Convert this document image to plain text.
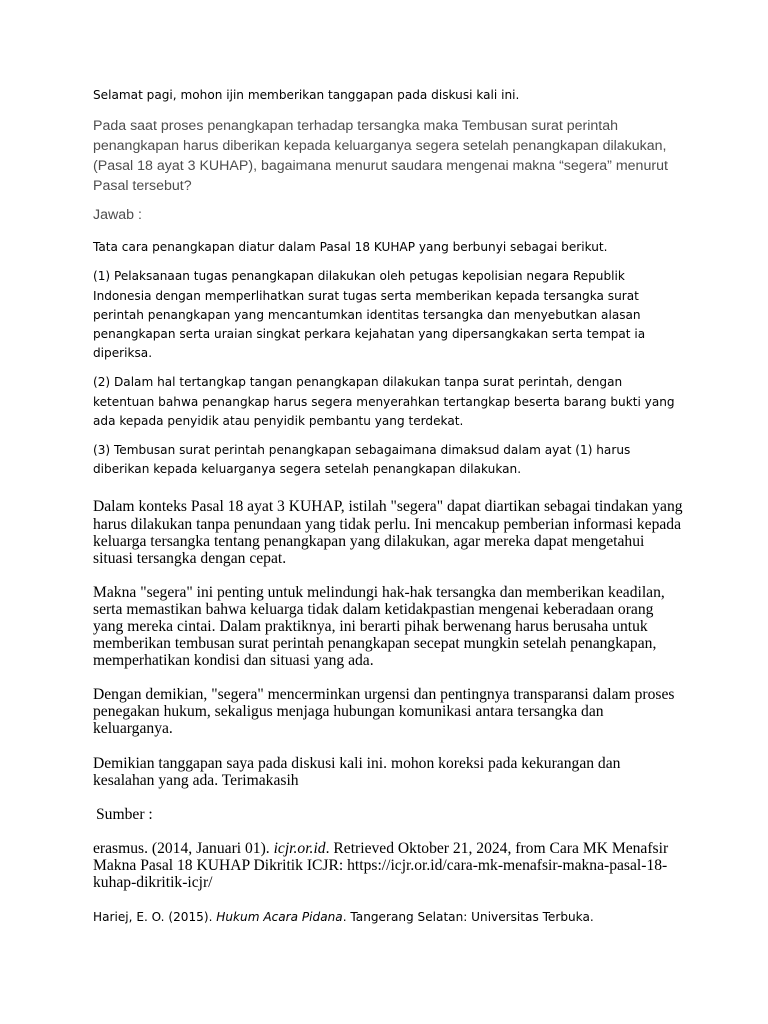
Selamat pagi, mohon ijin memberikan tanggapan pada diskusi kali ini.

Pada saat proses penangkapan terhadap tersangka maka Tembusan surat perintah penangkapan harus diberikan kepada keluarganya segera setelah penangkapan dilakukan, (Pasal 18 ayat 3 KUHAP), bagaimana menurut saudara mengenai makna “segera” menurut Pasal tersebut?

Jawab :

Tata cara penangkapan diatur dalam Pasal 18 KUHAP yang berbunyi sebagai berikut.

(1) Pelaksanaan tugas penangkapan dilakukan oleh petugas kepolisian negara Republik Indonesia dengan memperlihatkan surat tugas serta memberikan kepada tersangka surat perintah penangkapan yang mencantumkan identitas tersangka dan menyebutkan alasan penangkapan serta uraian singkat perkara kejahatan yang dipersangkakan serta tempat ia diperiksa.

(2) Dalam hal tertangkap tangan penangkapan dilakukan tanpa surat perintah, dengan ketentuan bahwa penangkap harus segera menyerahkan tertangkap beserta barang bukti yang ada kepada penyidik atau penyidik pembantu yang terdekat.

(3) Tembusan surat perintah penangkapan sebagaimana dimaksud dalam ayat (1) harus diberikan kepada keluarganya segera setelah penangkapan dilakukan.

Dalam konteks Pasal 18 ayat 3 KUHAP, istilah "segera" dapat diartikan sebagai tindakan yang harus dilakukan tanpa penundaan yang tidak perlu. Ini mencakup pemberian informasi kepada keluarga tersangka tentang penangkapan yang dilakukan, agar mereka dapat mengetahui situasi tersangka dengan cepat.

Makna "segera" ini penting untuk melindungi hak-hak tersangka dan memberikan keadilan, serta memastikan bahwa keluarga tidak dalam ketidakpastian mengenai keberadaan orang yang mereka cintai. Dalam praktiknya, ini berarti pihak berwenang harus berusaha untuk memberikan tembusan surat perintah penangkapan secepat mungkin setelah penangkapan, memperhatikan kondisi dan situasi yang ada.

Dengan demikian, "segera" mencerminkan urgensi dan pentingnya transparansi dalam proses penegakan hukum, sekaligus menjaga hubungan komunikasi antara tersangka dan keluarganya.

Demikian tanggapan saya pada diskusi kali ini. mohon koreksi pada kekurangan dan kesalahan yang ada. Terimakasih

Sumber :

erasmus. (2014, Januari 01). icjr.or.id. Retrieved Oktober 21, 2024, from Cara MK Menafsir Makna Pasal 18 KUHAP Dikritik ICJR: https://icjr.or.id/cara-mk-menafsir-makna-pasal-18-kuhap-dikritik-icjr/

Hariej, E. O. (2015). Hukum Acara Pidana. Tangerang Selatan: Universitas Terbuka.
